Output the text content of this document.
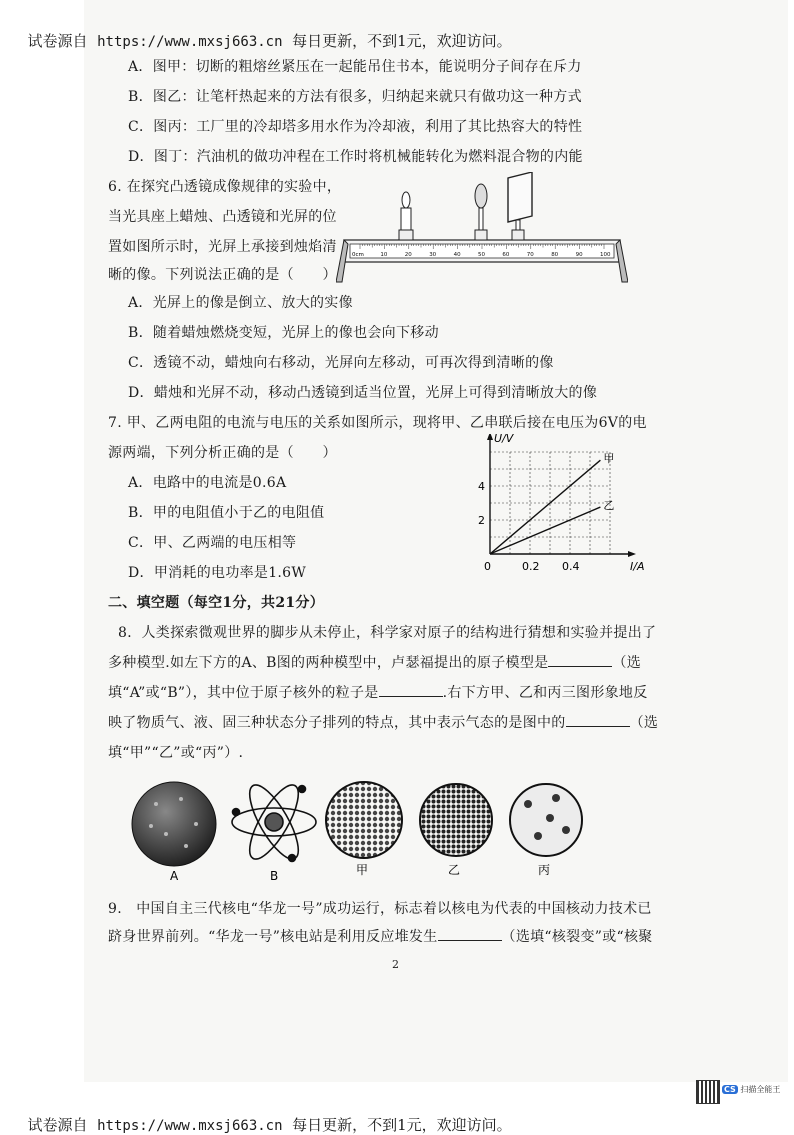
试卷源自 https://www.mxsj663.cn 每日更新，不到1元，欢迎访问。

A．图甲：切断的粗熔丝紧压在一起能吊住书本，能说明分子间存在斥力
B．图乙：让笔杆热起来的方法有很多，归纳起来就只有做功这一种方式
C．图丙：工厂里的冷却塔多用水作为冷却液，利用了其比热容大的特性
D．图丁：汽油机的做功冲程在工作时将机械能转化为燃料混合物的内能
6. 在探究凸透镜成像规律的实验中，
当光具座上蜡烛、凸透镜和光屏的位
置如图所示时，光屏上承接到烛焰清
晰的像。下列说法正确的是（　　）
10	20	30	40	50	60	70	80	90	100
0cm
A．光屏上的像是倒立、放大的实像
B．随着蜡烛燃烧变短，光屏上的像也会向下移动
C．透镜不动，蜡烛向右移动，光屏向左移动，可再次得到清晰的像
D．蜡烛和光屏不动，移动凸透镜到适当位置，光屏上可得到清晰放大的像
7. 甲、乙两电阻的电流与电压的关系如图所示，现将甲、乙串联后接在电压为6V的电
源两端，下列分析正确的是（　　）
A．电路中的电流是0.6A
B．甲的电阻值小于乙的电阻值
C．甲、乙两端的电压相等
D．甲消耗的电功率是1.6W	0	0.2 0.4
2
4
I/A
U/V
甲
乙
二、填空题（每空1分，共21分）
8．人类探索微观世界的脚步从未停止，科学家对原子的结构进行猜想和实验并提出了
多种模型.如左下方的A、B图的两种模型中，卢瑟福提出的原子模型是	（选
填“A”或“B”），其中位于原子核外的粒子是	.右下方甲、乙和丙三图形象地反
映了物质气、液、固三种状态分子排列的特点，其中表示气态的是图中的	（选
填“甲”“乙”或“丙”）.
A	B	甲	乙	丙
9.　中国自主三代核电“华龙一号”成功运行，标志着以核电为代表的中国核动力技术已
跻身世界前列。“华龙一号”核电站是利用反应堆发生	（选填“核裂变”或“核聚
2

试卷源自 https://www.mxsj663.cn 每日更新，不到1元，欢迎访问。

CS 扫描全能王
